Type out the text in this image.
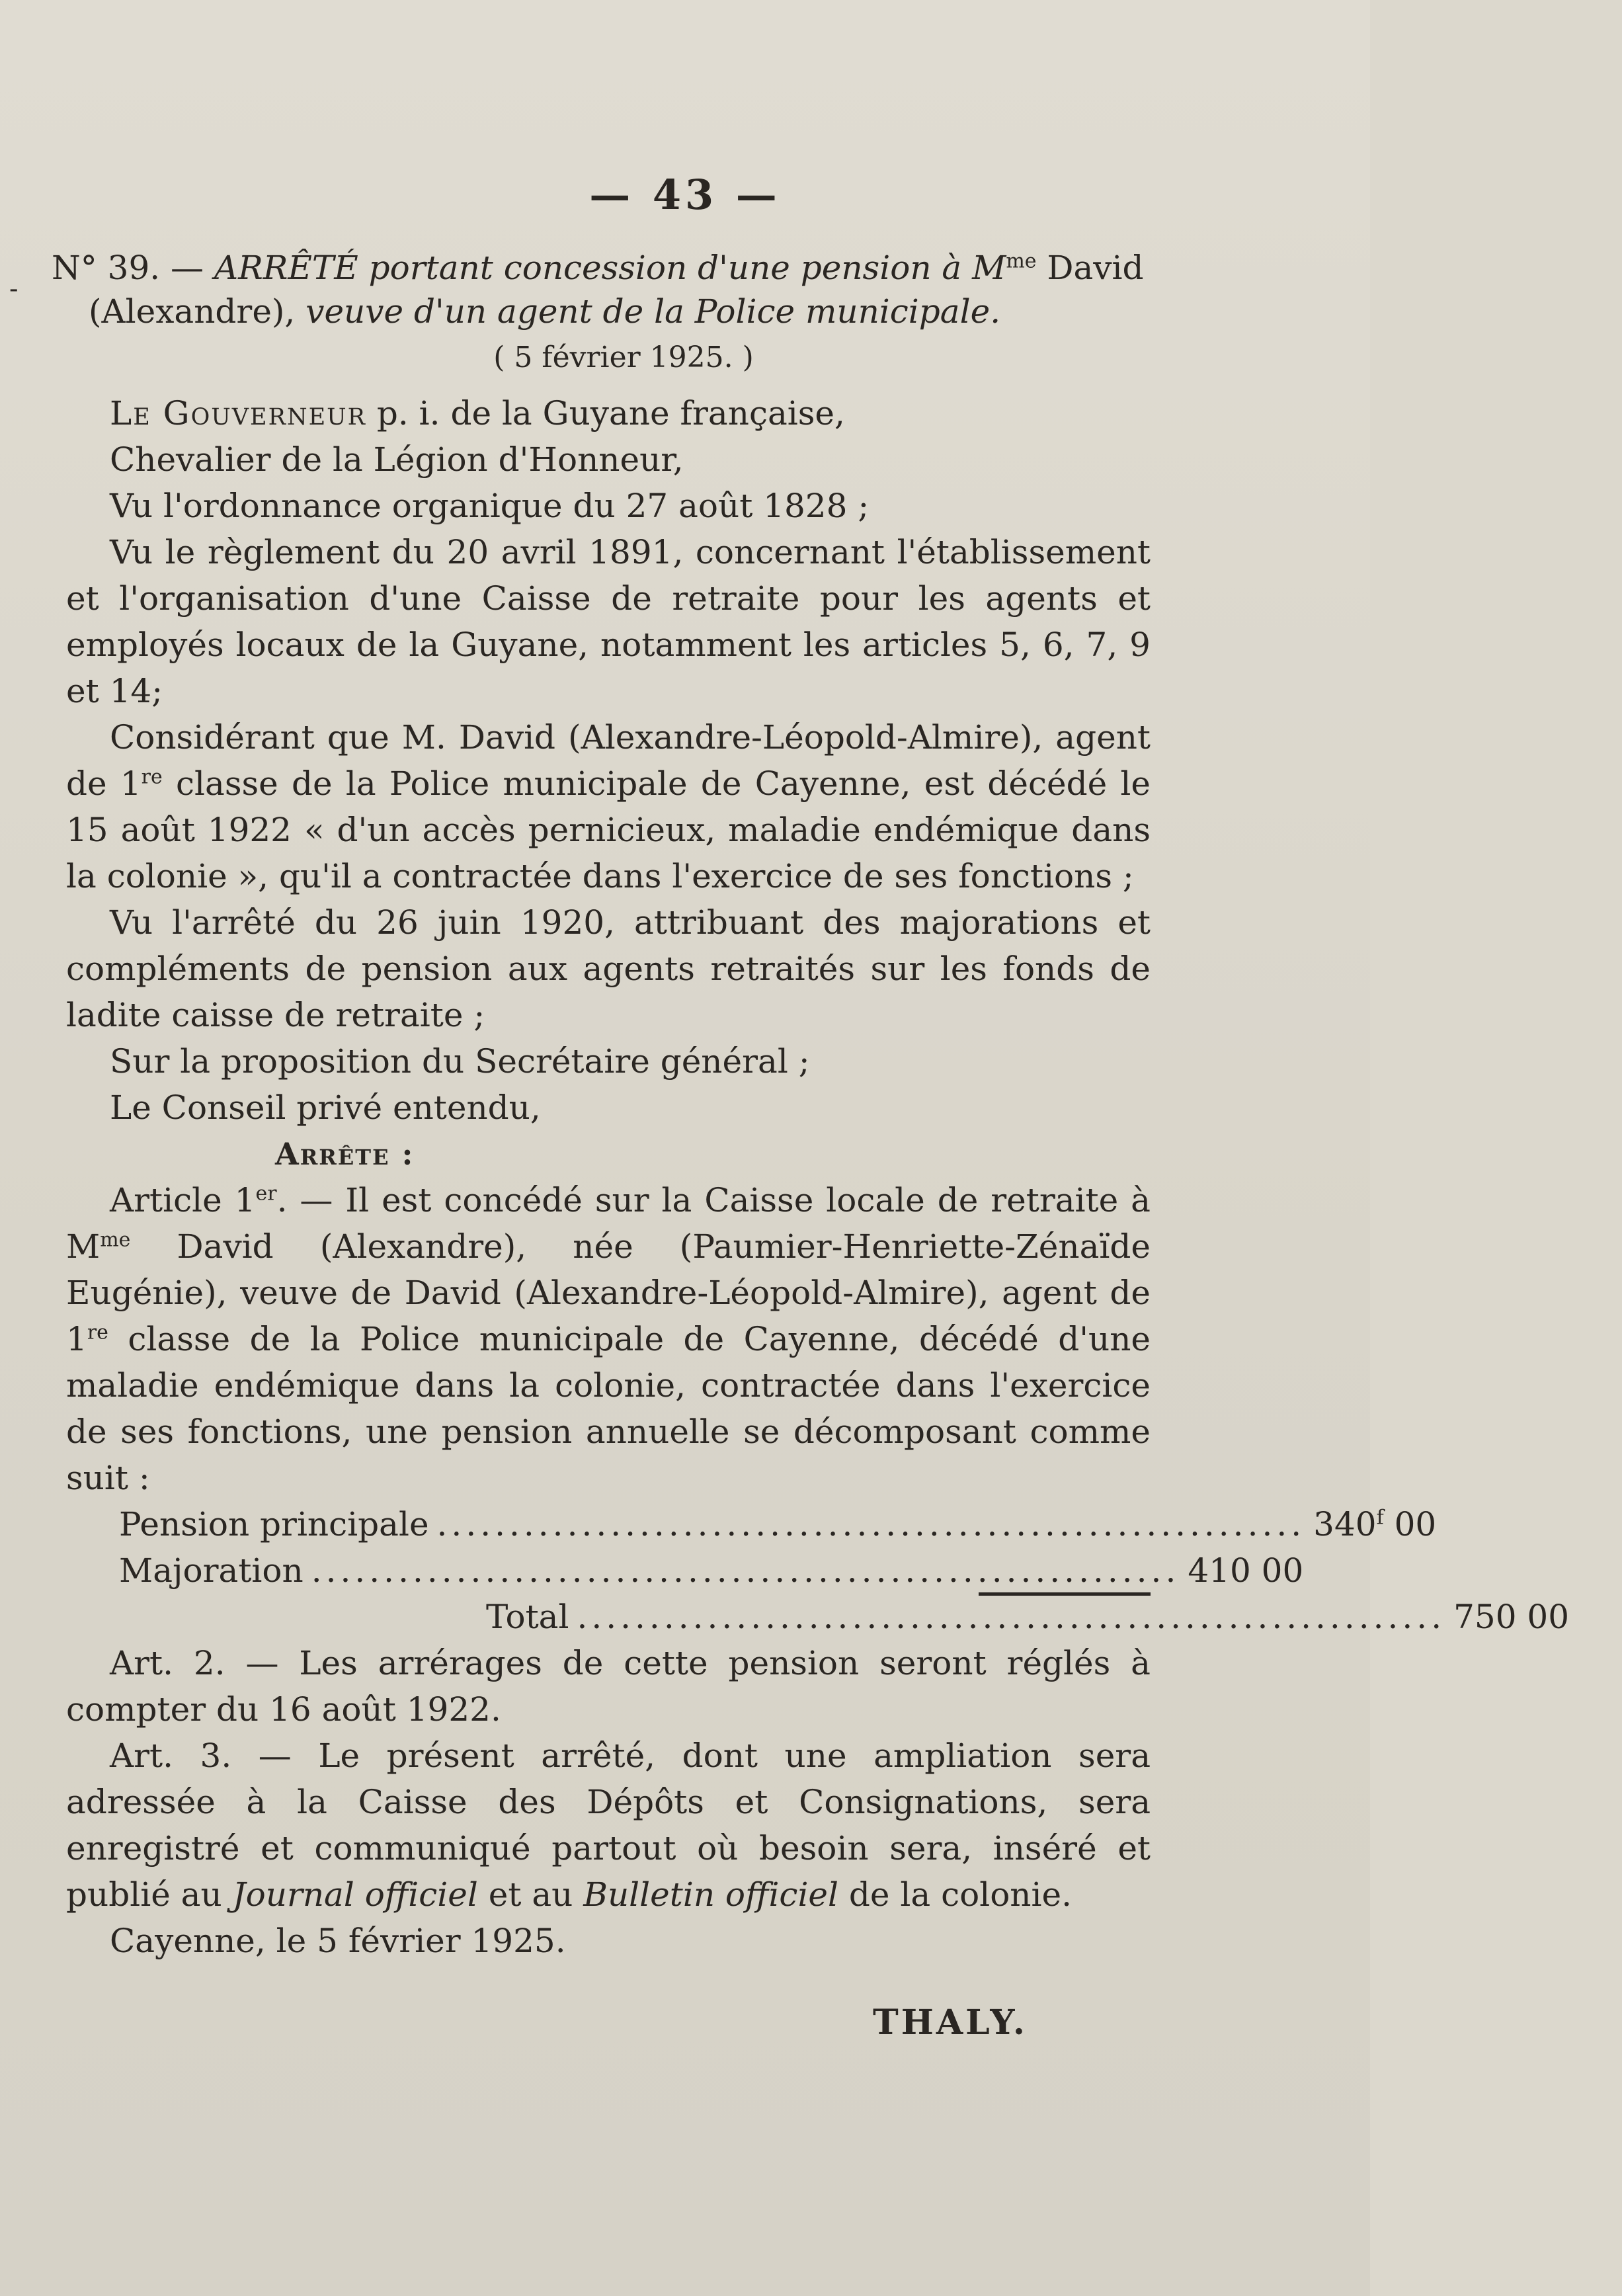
— 43 —
-
N° 39. — ARRÊTÉ portant concession d'une pension à $M^{me}$ David
(Alexandre), veuve d'un agent de la Police municipale.
( 5 février 1925. )

Le Gouverneur p. i. de la Guyane française,

Chevalier de la Légion d'Honneur,

Vu l'ordonnance organique du 27 août 1828 ;

Vu le règlement du 20 avril 1891, concernant l'établissement et l'organisation d'une Caisse de retraite pour les agents et employés locaux de la Guyane, notamment les articles 5, 6, 7, 9 et 14;

Considérant que M. David (Alexandre-Léopold-Almire), agent de 1re classe de la Police municipale de Cayenne, est décédé le 15 août 1922 « d'un accès pernicieux, maladie endémique dans la colonie », qu'il a contractée dans l'exercice de ses fonctions ;

Vu l'arrêté du 26 juin 1920, attribuant des majorations et compléments de pension aux agents retraités sur les fonds de ladite caisse de retraite ;

Sur la proposition du Secrétaire général ;

Le Conseil privé entendu,

Arrête :

Article 1er. — Il est concédé sur la Caisse locale de retraite à $M^{me}$ David (Alexandre), née (Paumier-Henriette-Zénaïde Eugénie), veuve de David (Alexandre-Léopold-Almire), agent de 1re classe de la Police municipale de Cayenne, décédé d'une maladie endémique dans la colonie, contractée dans l'exercice de ses fonctions, une pension annuelle se décomposant comme suit :

Pension principale ............................................................ 340$^f$ 00
Majoration ............................................................ 410 00
Total ............................................................ 750 00

Art. 2. — Les arrérages de cette pension seront réglés à compter du 16 août 1922.

Art. 3. — Le présent arrêté, dont une ampliation sera adressée à la Caisse des Dépôts et Consignations, sera enregistré et communiqué partout où besoin sera, inséré et publié au Journal officiel et au Bulletin officiel de la colonie.

Cayenne, le 5 février 1925.

THALY.
